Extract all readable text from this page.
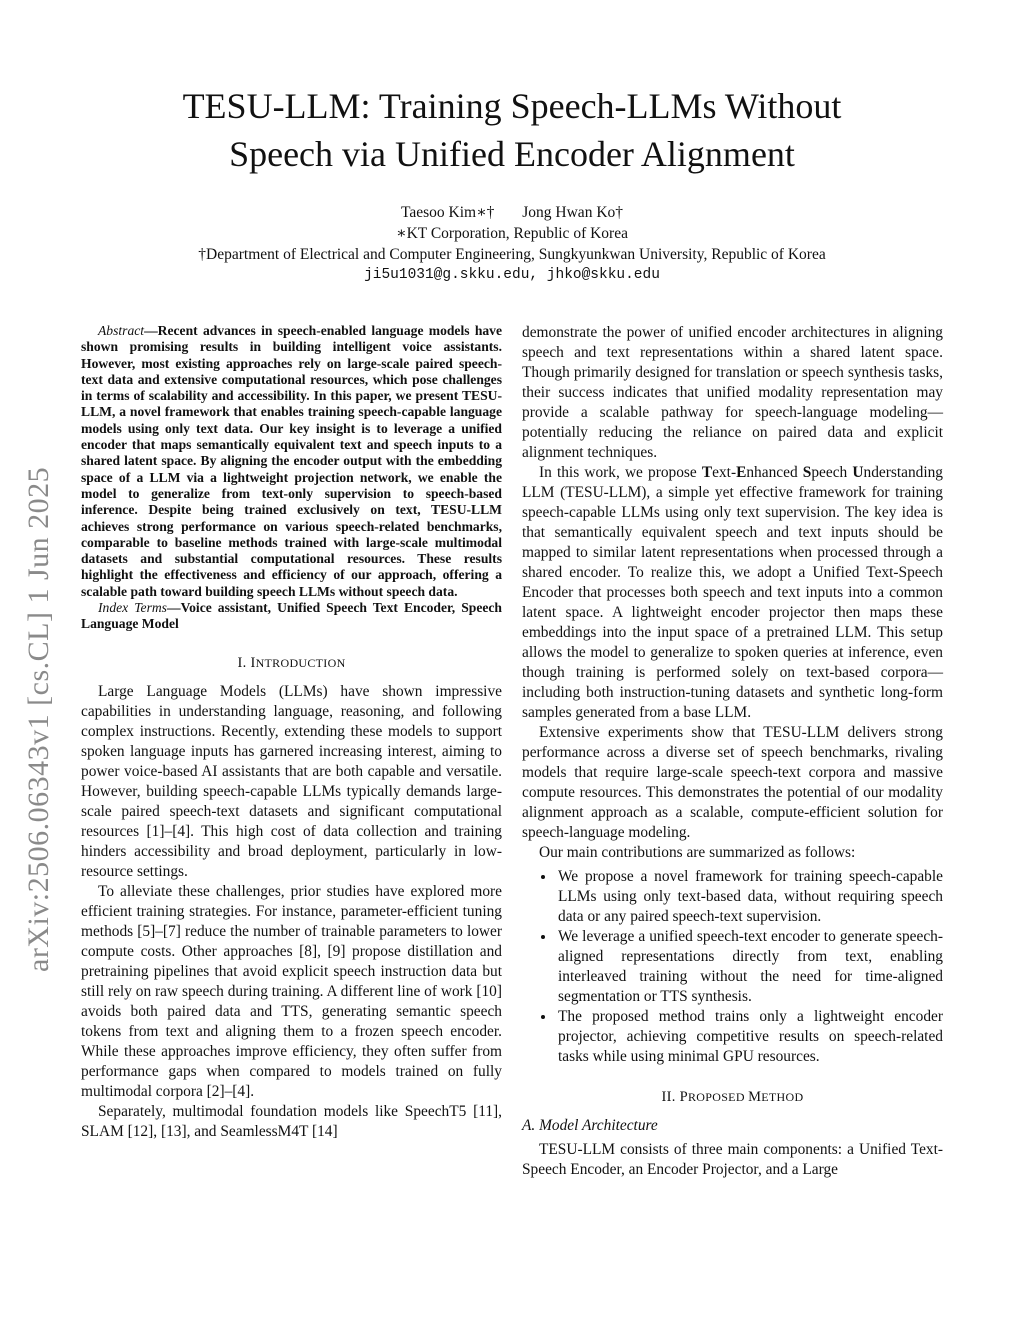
TESU-LLM: Training Speech-LLMs Without
Speech via Unified Encoder Alignment
Taesoo Kim∗† Jong Hwan Ko†
∗KT Corporation, Republic of Korea
†Department of Electrical and Computer Engineering, Sungkyunkwan University, Republic of Korea
ji5u1031@g.skku.edu, jhko@skku.edu
arXiv:2506.06343v1 [cs.CL] 1 Jun 2025

Abstract—Recent advances in speech-enabled language models have shown promising results in building intelligent voice assistants. However, most existing approaches rely on large-scale paired speech-text data and extensive computational resources, which pose challenges in terms of scalability and accessibility. In this paper, we present TESU-LLM, a novel framework that enables training speech-capable language models using only text data. Our key insight is to leverage a unified encoder that maps semantically equivalent text and speech inputs to a shared latent space. By aligning the encoder output with the embedding space of a LLM via a lightweight projection network, we enable the model to generalize from text-only supervision to speech-based inference. Despite being trained exclusively on text, TESU-LLM achieves strong performance on various speech-related benchmarks, comparable to baseline methods trained with large-scale multimodal datasets and substantial computational resources. These results highlight the effectiveness and efficiency of our approach, offering a scalable path toward building speech LLMs without speech data.

Index Terms—Voice assistant, Unified Speech Text Encoder, Speech Language Model

I. INTRODUCTION

Large Language Models (LLMs) have shown impressive capabilities in understanding language, reasoning, and following complex instructions. Recently, extending these models to support spoken language inputs has garnered increasing interest, aiming to power voice-based AI assistants that are both capable and versatile. However, building speech-capable LLMs typically demands large-scale paired speech-text datasets and significant computational resources [1]–[4]. This high cost of data collection and training hinders accessibility and broad deployment, particularly in low-resource settings.

To alleviate these challenges, prior studies have explored more efficient training strategies. For instance, parameter-efficient tuning methods [5]–[7] reduce the number of trainable parameters to lower compute costs. Other approaches [8], [9] propose distillation and pretraining pipelines that avoid explicit speech instruction data but still rely on raw speech during training. A different line of work [10] avoids both paired data and TTS, generating semantic speech tokens from text and aligning them to a frozen speech encoder. While these approaches improve efficiency, they often suffer from performance gaps when compared to models trained on fully multimodal corpora [2]–[4].

Separately, multimodal foundation models like SpeechT5 [11], SLAM [12], [13], and SeamlessM4T [14]

demonstrate the power of unified encoder architectures in aligning speech and text representations within a shared latent space. Though primarily designed for translation or speech synthesis tasks, their success indicates that unified modality representation may provide a scalable pathway for speech-language modeling—potentially reducing the reliance on paired data and explicit alignment techniques.

In this work, we propose Text-Enhanced Speech Understanding LLM (TESU-LLM), a simple yet effective framework for training speech-capable LLMs using only text supervision. The key idea is that semantically equivalent speech and text inputs should be mapped to similar latent representations when processed through a shared encoder. To realize this, we adopt a Unified Text-Speech Encoder that processes both speech and text inputs into a common latent space. A lightweight encoder projector then maps these embeddings into the input space of a pretrained LLM. This setup allows the model to generalize to spoken queries at inference, even though training is performed solely on text-based corpora—including both instruction-tuning datasets and synthetic long-form samples generated from a base LLM.

Extensive experiments show that TESU-LLM delivers strong performance across a diverse set of speech benchmarks, rivaling models that require large-scale speech-text corpora and massive compute resources. This demonstrates the potential of our modality alignment approach as a scalable, compute-efficient solution for speech-language modeling.

Our main contributions are summarized as follows:

• We propose a novel framework for training speech-capable LLMs using only text-based data, without requiring speech data or any paired speech-text supervision.
• We leverage a unified speech-text encoder to generate speech-aligned representations directly from text, enabling interleaved training without the need for time-aligned segmentation or TTS synthesis.
• The proposed method trains only a lightweight encoder projector, achieving competitive results on speech-related tasks while using minimal GPU resources.
II. PROPOSED METHOD
A. Model Architecture

TESU-LLM consists of three main components: a Unified Text-Speech Encoder, an Encoder Projector, and a Large
